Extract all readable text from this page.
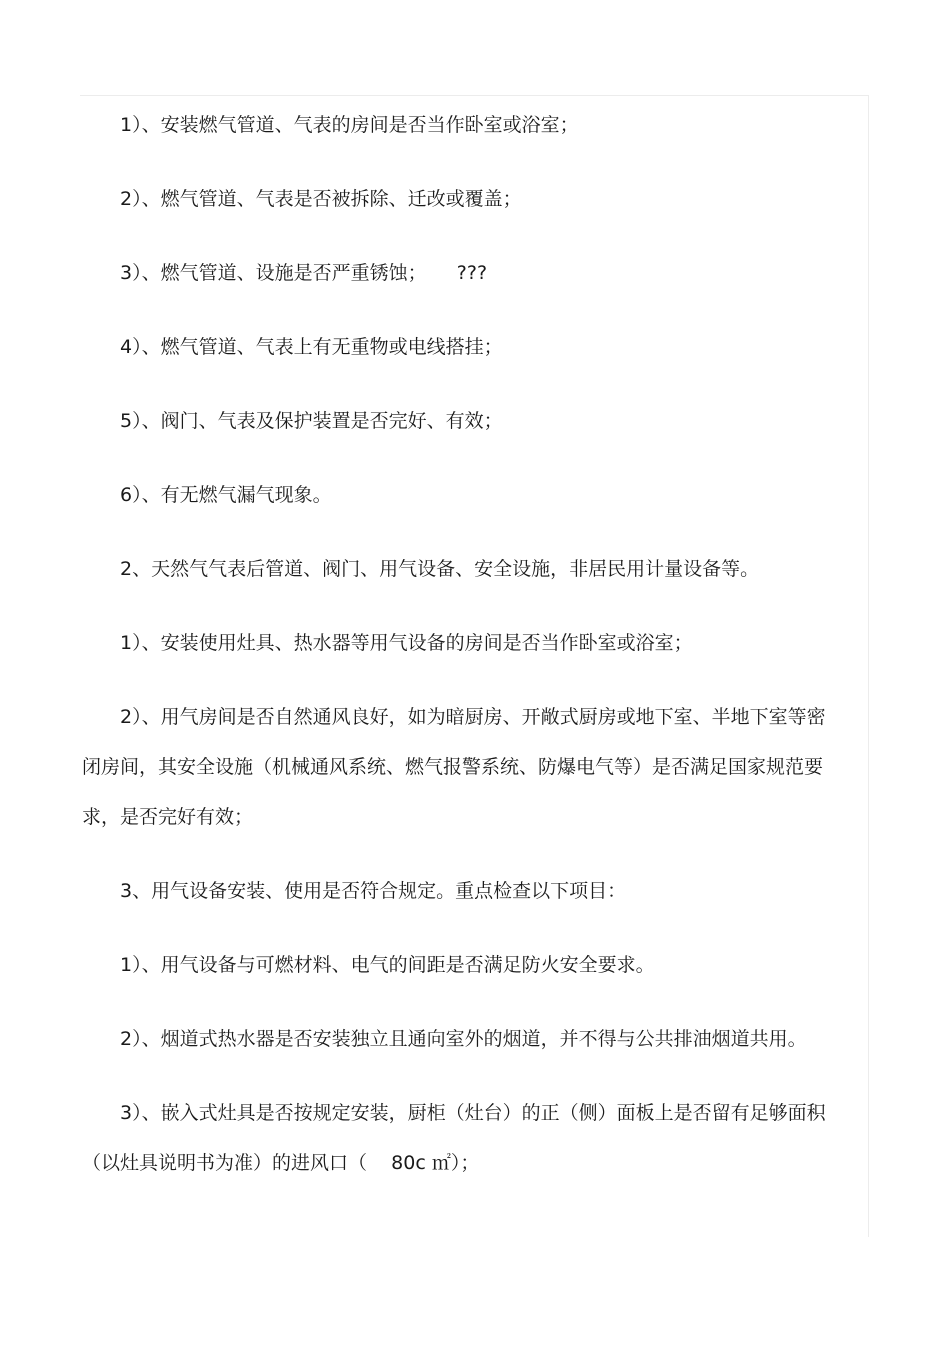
1）、安装燃气管道、气表的房间是否当作卧室或浴室；

2）、燃气管道、气表是否被拆除、迁改或覆盖；

3）、燃气管道、设施是否严重锈蚀；     ???

4）、燃气管道、气表上有无重物或电线搭挂；

5）、阀门、气表及保护装置是否完好、有效；

6）、有无燃气漏气现象。

2、天然气气表后管道、阀门、用气设备、安全设施，非居民用计量设备等。

1）、安装使用灶具、热水器等用气设备的房间是否当作卧室或浴室；

2）、用气房间是否自然通风良好，如为暗厨房、开敞式厨房或地下室、半地下室等密闭房间，其安全设施（机械通风系统、燃气报警系统、防爆电气等）是否满足国家规范要求，是否完好有效；

3、用气设备安装、使用是否符合规定。重点检查以下项目：

1）、用气设备与可燃材料、电气的间距是否满足防火安全要求。

2）、烟道式热水器是否安装独立且通向室外的烟道，并不得与公共排油烟道共用。

3）、嵌入式灶具是否按规定安装，厨柜（灶台）的正（侧）面板上是否留有足够面积（以灶具说明书为准）的进风口（    80c ㎡）；
